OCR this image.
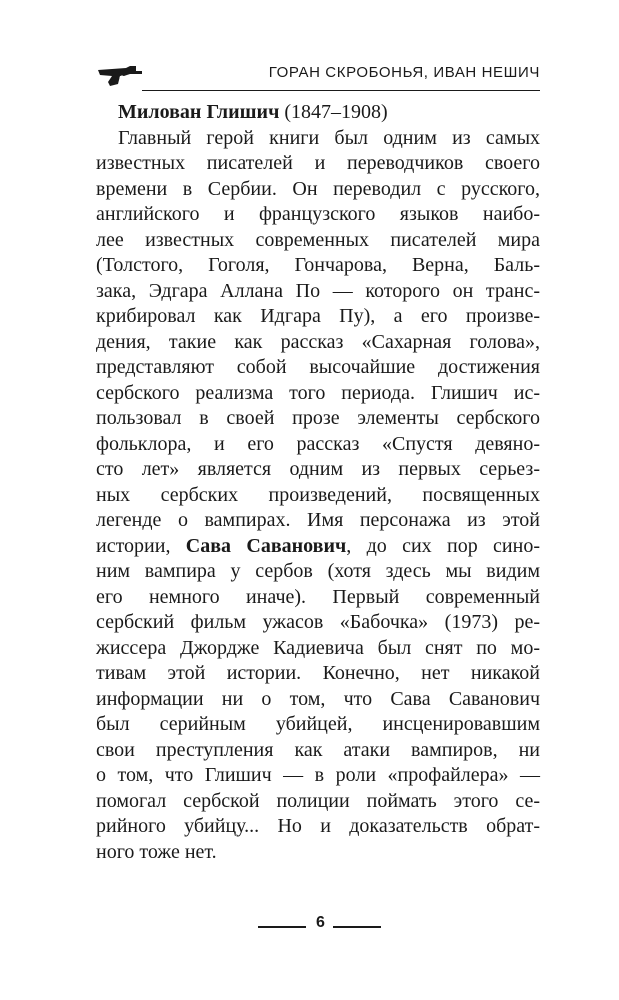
ГОРАН СКРОБОНЬЯ, ИВАН НЕШИЧ
Милован Глишич (1847–1908)
Главный герой книги был одним из самых
известных писателей и переводчиков своего
времени в Сербии. Он переводил с русского,
английского и французского языков наибо-
лее известных современных писателей мира
(Толстого, Гоголя, Гончарова, Верна, Баль-
зака, Эдгара Аллана По — которого он транс-
крибировал как Идгара Пу), а его произве-
дения, такие как рассказ «Сахарная голова»,
представляют собой высочайшие достижения
сербского реализма того периода. Глишич ис-
пользовал в своей прозе элементы сербского
фольклора, и его рассказ «Спустя девяно-
сто лет» является одним из первых серьез-
ных сербских произведений, посвященных
легенде о вампирах. Имя персонажа из этой
истории, Сава Саванович, до сих пор сино-
ним вампира у сербов (хотя здесь мы видим
его немного иначе). Первый современный
сербский фильм ужасов «Бабочка» (1973) ре-
жиссера Джордже Кадиевича был снят по мо-
тивам этой истории. Конечно, нет никакой
информации ни о том, что Сава Саванович
был серийным убийцей, инсценировавшим
свои преступления как атаки вампиров, ни
о том, что Глишич — в роли «профайлера» —
помогал сербской полиции поймать этого се-
рийного убийцу... Но и доказательств обрат-
ного тоже нет.
6
